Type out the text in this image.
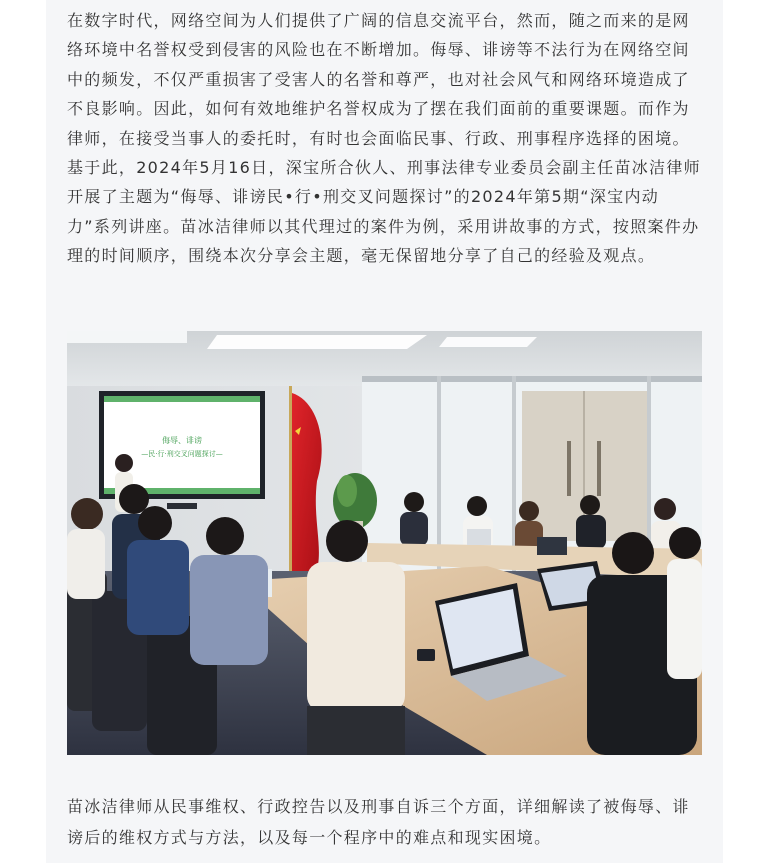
在数字时代，网络空间为人们提供了广阔的信息交流平台，然而，随之而来的是网络环境中名誉权受到侵害的风险也在不断增加。侮辱、诽谤等不法行为在网络空间中的频发，不仅严重损害了受害人的名誉和尊严，也对社会风气和网络环境造成了不良影响。因此，如何有效地维护名誉权成为了摆在我们面前的重要课题。而作为律师，在接受当事人的委托时，有时也会面临民事、行政、刑事程序选择的困境。基于此，2024年5月16日，深宝所合伙人、刑事法律专业委员会副主任苗冰洁律师开展了主题为“侮辱、诽谤民•行•刑交叉问题探讨”的2024年第5期“深宝内动力”系列讲座。苗冰洁律师以其代理过的案件为例，采用讲故事的方式，按照案件办理的时间顺序，围绕本次分享会主题，毫无保留地分享了自己的经验及观点。

侮辱、诽谤
—民·行·刑交叉问题探讨—

苗冰洁律师从民事维权、行政控告以及刑事自诉三个方面，详细解读了被侮辱、诽谤后的维权方式与方法，以及每一个程序中的难点和现实困境。
